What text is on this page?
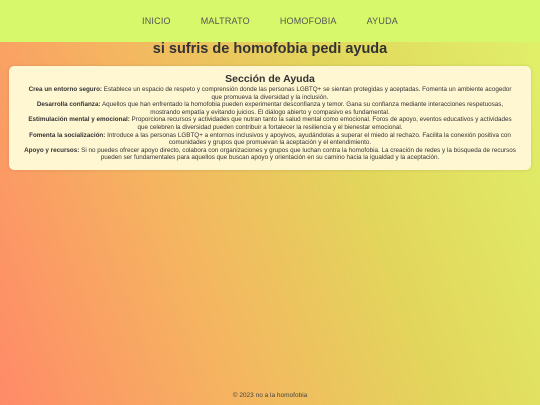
INICIO	MALTRATO	HOMOFOBIA	AYUDA
si sufris de homofobia pedi ayuda
Sección de Ayuda

Crea un entorno seguro: Establece un espacio de respeto y comprensión donde las personas LGBTQ+ se sientan protegidas y aceptadas. Fomenta un ambiente acogedor que promueva la diversidad y la inclusión.

Desarrolla confianza: Aquellos que han enfrentado la homofobia pueden experimentar desconfianza y temor. Gana su confianza mediante interacciones respetuosas, mostrando empatía y evitando juicios. El diálogo abierto y compasivo es fundamental.

Estimulación mental y emocional: Proporciona recursos y actividades que nutran tanto la salud mental como emocional. Foros de apoyo, eventos educativos y actividades que celebren la diversidad pueden contribuir a fortalecer la resiliencia y el bienestar emocional.

Fomenta la socialización: Introduce a las personas LGBTQ+ a entornos inclusivos y apoyivos, ayudándolas a superar el miedo al rechazo. Facilita la conexión positiva con comunidades y grupos que promuevan la aceptación y el entendimiento.

Apoyo y recursos: Si no puedes ofrecer apoyo directo, colabora con organizaciones y grupos que luchan contra la homofobia. La creación de redes y la búsqueda de recursos pueden ser fundamentales para aquellos que buscan apoyo y orientación en su camino hacia la igualdad y la aceptación.

© 2023 no a la homofobia
